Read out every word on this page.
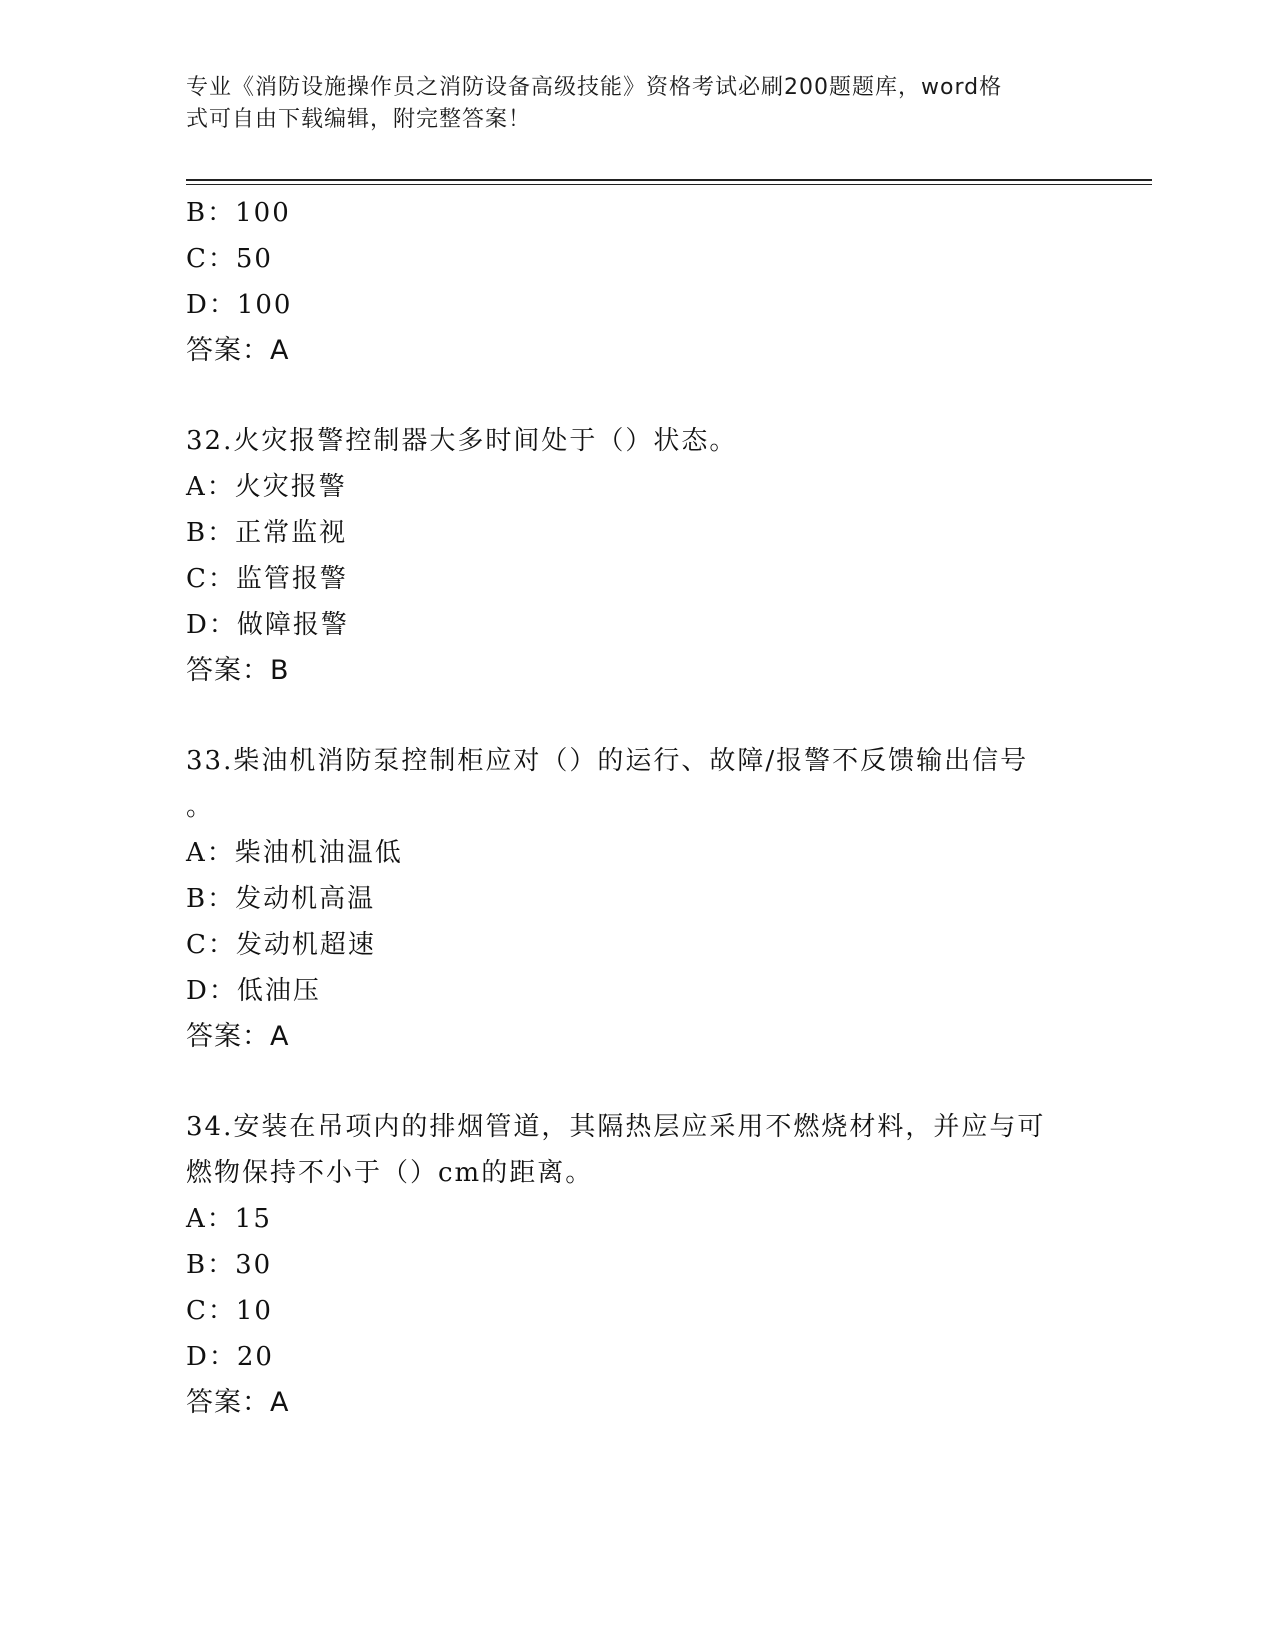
专业《消防设施操作员之消防设备高级技能》资格考试必刷200题题库，word格
式可自由下载编辑，附完整答案！
B：100
C：50
D：100
答案：A
32.火灾报警控制器大多时间处于（）状态。
A：火灾报警
B：正常监视
C：监管报警
D：做障报警
答案：B
33.柴油机消防泵控制柜应对（）的运行、故障/报警不反馈输出信号
。
A：柴油机油温低
B：发动机高温
C：发动机超速
D：低油压
答案：A
34.安装在吊项内的排烟管道，其隔热层应采用不燃烧材料，并应与可
燃物保持不小于（）cm的距离。
A：15
B：30
C：10
D：20
答案：A
